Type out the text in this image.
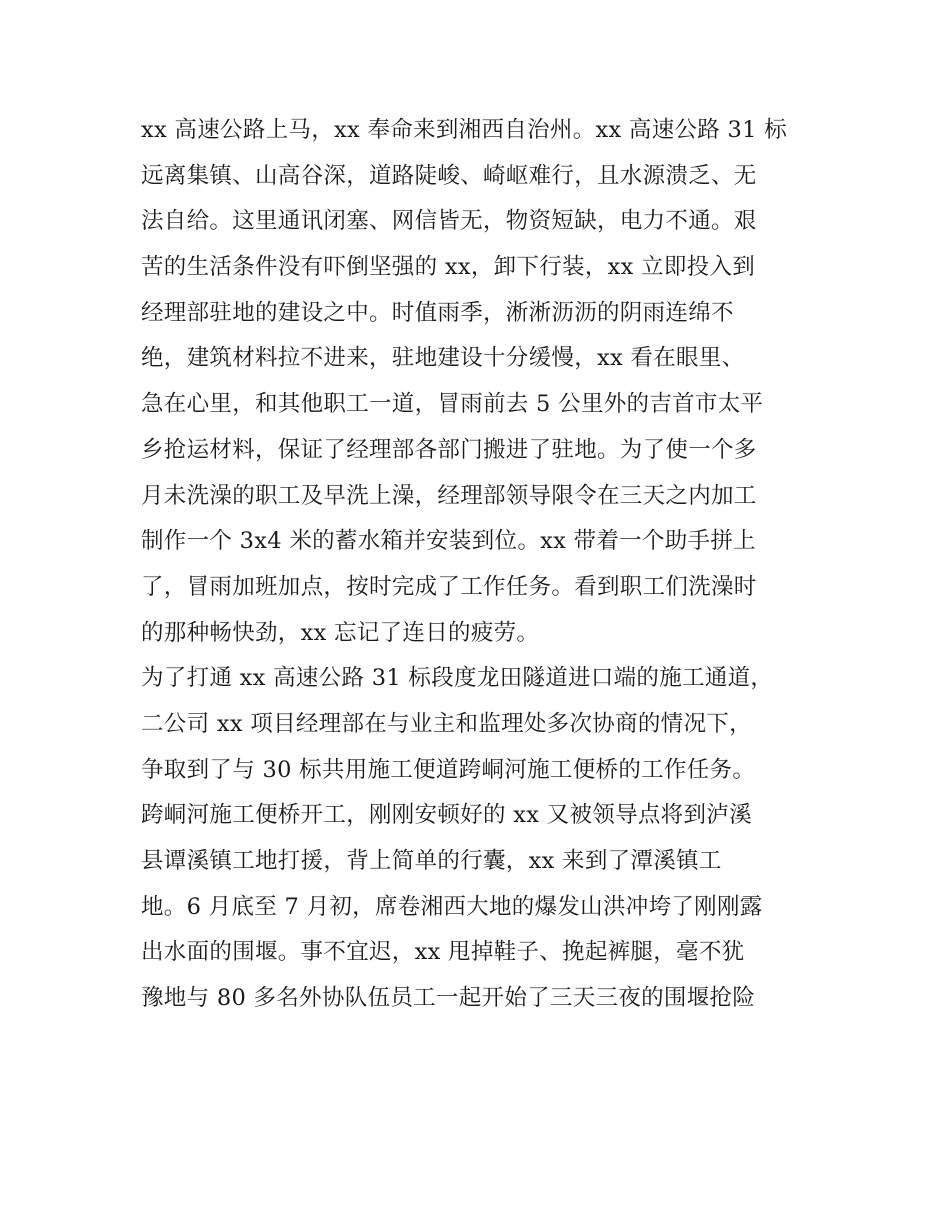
xx 高速公路上马，xx 奉命来到湘西自治州。xx 高速公路 31 标
远离集镇、山高谷深，道路陡峻、崎岖难行，且水源溃乏、无
法自给。这里通讯闭塞、网信皆无，物资短缺，电力不通。艰
苦的生活条件没有吓倒坚强的 xx，卸下行装，xx 立即投入到
经理部驻地的建设之中。时值雨季，淅淅沥沥的阴雨连绵不
绝，建筑材料拉不进来，驻地建设十分缓慢，xx 看在眼里、
急在心里，和其他职工一道，冒雨前去 5 公里外的吉首市太平
乡抢运材料，保证了经理部各部门搬进了驻地。为了使一个多
月未洗澡的职工及早洗上澡，经理部领导限令在三天之内加工
制作一个 3x4 米的蓄水箱并安装到位。xx 带着一个助手拼上
了，冒雨加班加点，按时完成了工作任务。看到职工们洗澡时
的那种畅快劲，xx 忘记了连日的疲劳。
为了打通 xx 高速公路 31 标段度龙田隧道进口端的施工通道，
二公司 xx 项目经理部在与业主和监理处多次协商的情况下，
争取到了与 30 标共用施工便道跨峒河施工便桥的工作任务。
跨峒河施工便桥开工，刚刚安顿好的 xx 又被领导点将到泸溪
县谭溪镇工地打援，背上简单的行囊，xx 来到了潭溪镇工
地。6 月底至 7 月初，席卷湘西大地的爆发山洪冲垮了刚刚露
出水面的围堰。事不宜迟，xx 甩掉鞋子、挽起裤腿，毫不犹
豫地与 80 多名外协队伍员工一起开始了三天三夜的围堰抢险
